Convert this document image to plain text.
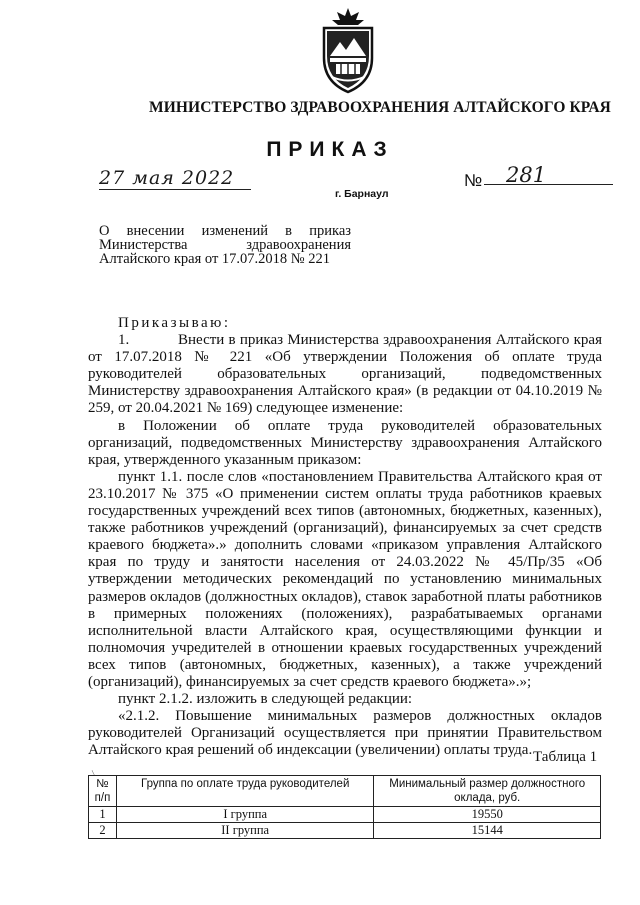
МИНИСТЕРСТВО ЗДРАВООХРАНЕНИЯ АЛТАЙСКОГО КРАЯ
ПРИКАЗ
27 мая 2022	№ 281
г. Барнаул
О внесении изменений в приказ
Министерства здравоохранения
Алтайского края от 17.07.2018 № 221

Приказываю:

1.	Внести в приказ Министерства здравоохранения Алтайского края от 17.07.2018 № 221 «Об утверждении Положения об оплате труда руководителей образовательных организаций, подведомственных Министерству здравоохранения Алтайского края» (в редакции от 04.10.2019 № 259, от 20.04.2021 № 169) следующее изменение:

в Положении об оплате труда руководителей образовательных организаций, подведомственных Министерству здравоохранения Алтайского края, утвержденного указанным приказом:

пункт 1.1. после слов «постановлением Правительства Алтайского края от 23.10.2017 № 375 «О применении систем оплаты труда работников краевых государственных учреждений всех типов (автономных, бюджетных, казенных), также работников учреждений (организаций), финансируемых за счет средств краевого бюджета».» дополнить словами «приказом управления Алтайского края по труду и занятости населения от 24.03.2022 № 45/Пр/35 «Об утверждении методических рекомендаций по установлению минимальных размеров окладов (должностных окладов), ставок заработной платы работников в примерных положениях (положениях), разрабатываемых органами исполнительной власти Алтайского края, осуществляющими функции и полномочия учредителей в отношении краевых государственных учреждений всех типов (автономных, бюджетных, казенных), а также учреждений (организаций), финансируемых за счет средств краевого бюджета».»;

пункт 2.1.2. изложить в следующей редакции:

«2.1.2. Повышение минимальных размеров должностных окладов руководителей Организаций осуществляется при принятии Правительством Алтайского края решений об индексации (увеличении) оплаты труда. Таблица 1
/
№ п/п	Группа по оплате труда руководителей	Минимальный размер должностного оклада, руб.
1	I группа	19550
2	II группа	15144
